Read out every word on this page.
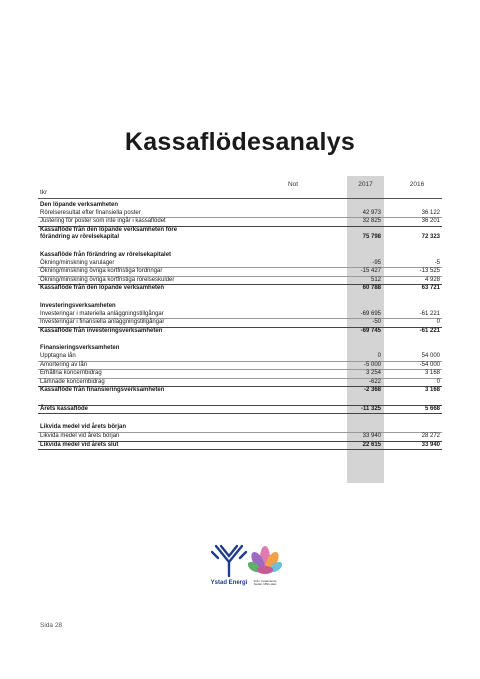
Kassaflödesanalys
tkr
Not	2017	2016
Den löpande verksamheten
Rörelseresultat efter finansiella poster	42 973	36 122
Justering för poster som inte ingår i kassaflödet	32 825	36 201
Kassaflöde från den löpande verksamheten före
förändring av rörelsekapital	75 798	72 323
Kassaflöde från förändring av rörelsekapitalet
Ökning/minskning varulager	-95	-5
Ökning/minskning övriga kortfristiga fordringar	-15 427	-13 525
Ökning/minskning övriga kortfristiga rörelseskulder	512	4 928
Kassaflöde från den löpande verksamheten	60 788	63 721
Investeringsverksamheten
Investeringar i materiella anläggningstillgångar	-69 695	-61 221
Investeringar i finansiella anläggningstillgångar	-50	0
Kassaflöde från investeringsverksamheten	-69 745	-61 221
Finansieringsverksamheten
Upptagna lån	0	54 000
Amortering av lån	-5 000	-54 000
Erhållna koncernbidrag	3 254	3 168
Lämnade koncernbidrag	-622	0
Kassaflöde från finansieringsverksamheten	-2 368	3 168
Årets kassaflöde	-11 325	5 668
Likvida medel vid årets början
Likvida medel vid årets början	33 940	28 272
Likvida medel vid årets slut	22 615	33 940
Ystad Energi	Från Ystadsande
Sedan 1891-talet
Sida 28
